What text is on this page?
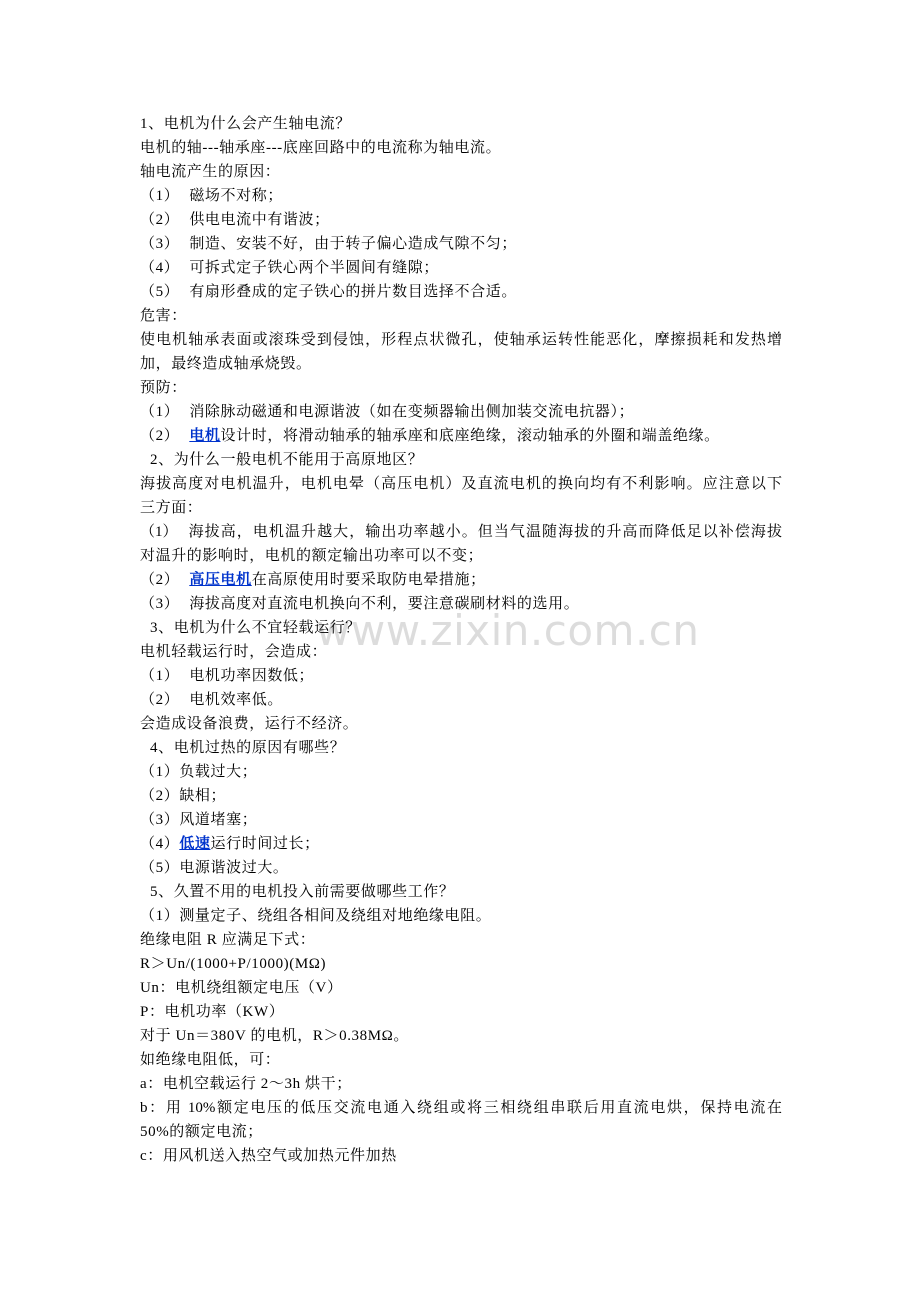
www.zixin.com.cn
1、电机为什么会产生轴电流？
电机的轴---轴承座---底座回路中的电流称为轴电流。
轴电流产生的原因：
（1） 磁场不对称；
（2） 供电电流中有谐波；
（3） 制造、安装不好，由于转子偏心造成气隙不匀；
（4） 可拆式定子铁心两个半圆间有缝隙；
（5） 有扇形叠成的定子铁心的拼片数目选择不合适。
危害：
使电机轴承表面或滚珠受到侵蚀，形程点状微孔，使轴承运转性能恶化，摩擦损耗和发热增
加，最终造成轴承烧毁。
预防：
（1） 消除脉动磁通和电源谐波（如在变频器输出侧加装交流电抗器）；
（2） 电机设计时，将滑动轴承的轴承座和底座绝缘，滚动轴承的外圈和端盖绝缘。
2、为什么一般电机不能用于高原地区？
海拔高度对电机温升，电机电晕（高压电机）及直流电机的换向均有不利影响。应注意以下
三方面：
（1） 海拔高，电机温升越大，输出功率越小。但当气温随海拔的升高而降低足以补偿海拔
对温升的影响时，电机的额定输出功率可以不变；
（2） 高压电机在高原使用时要采取防电晕措施；
（3） 海拔高度对直流电机换向不利，要注意碳刷材料的选用。
3、电机为什么不宜轻载运行？
电机轻载运行时，会造成：
（1） 电机功率因数低；
（2） 电机效率低。
会造成设备浪费，运行不经济。
4、电机过热的原因有哪些？
（1）负载过大；
（2）缺相；
（3）风道堵塞；
（4）低速运行时间过长；
（5）电源谐波过大。
5、久置不用的电机投入前需要做哪些工作？
（1）测量定子、绕组各相间及绕组对地绝缘电阻。
绝缘电阻 R 应满足下式：
R＞Un/(1000+P/1000)(MΩ)
Un：电机绕组额定电压（V）
P：电机功率（KW）
对于 Un＝380V 的电机，R＞0.38MΩ。
如绝缘电阻低，可：
a：电机空载运行 2～3h 烘干；
b：用 10%额定电压的低压交流电通入绕组或将三相绕组串联后用直流电烘，保持电流在
50%的额定电流；
c：用风机送入热空气或加热元件加热
